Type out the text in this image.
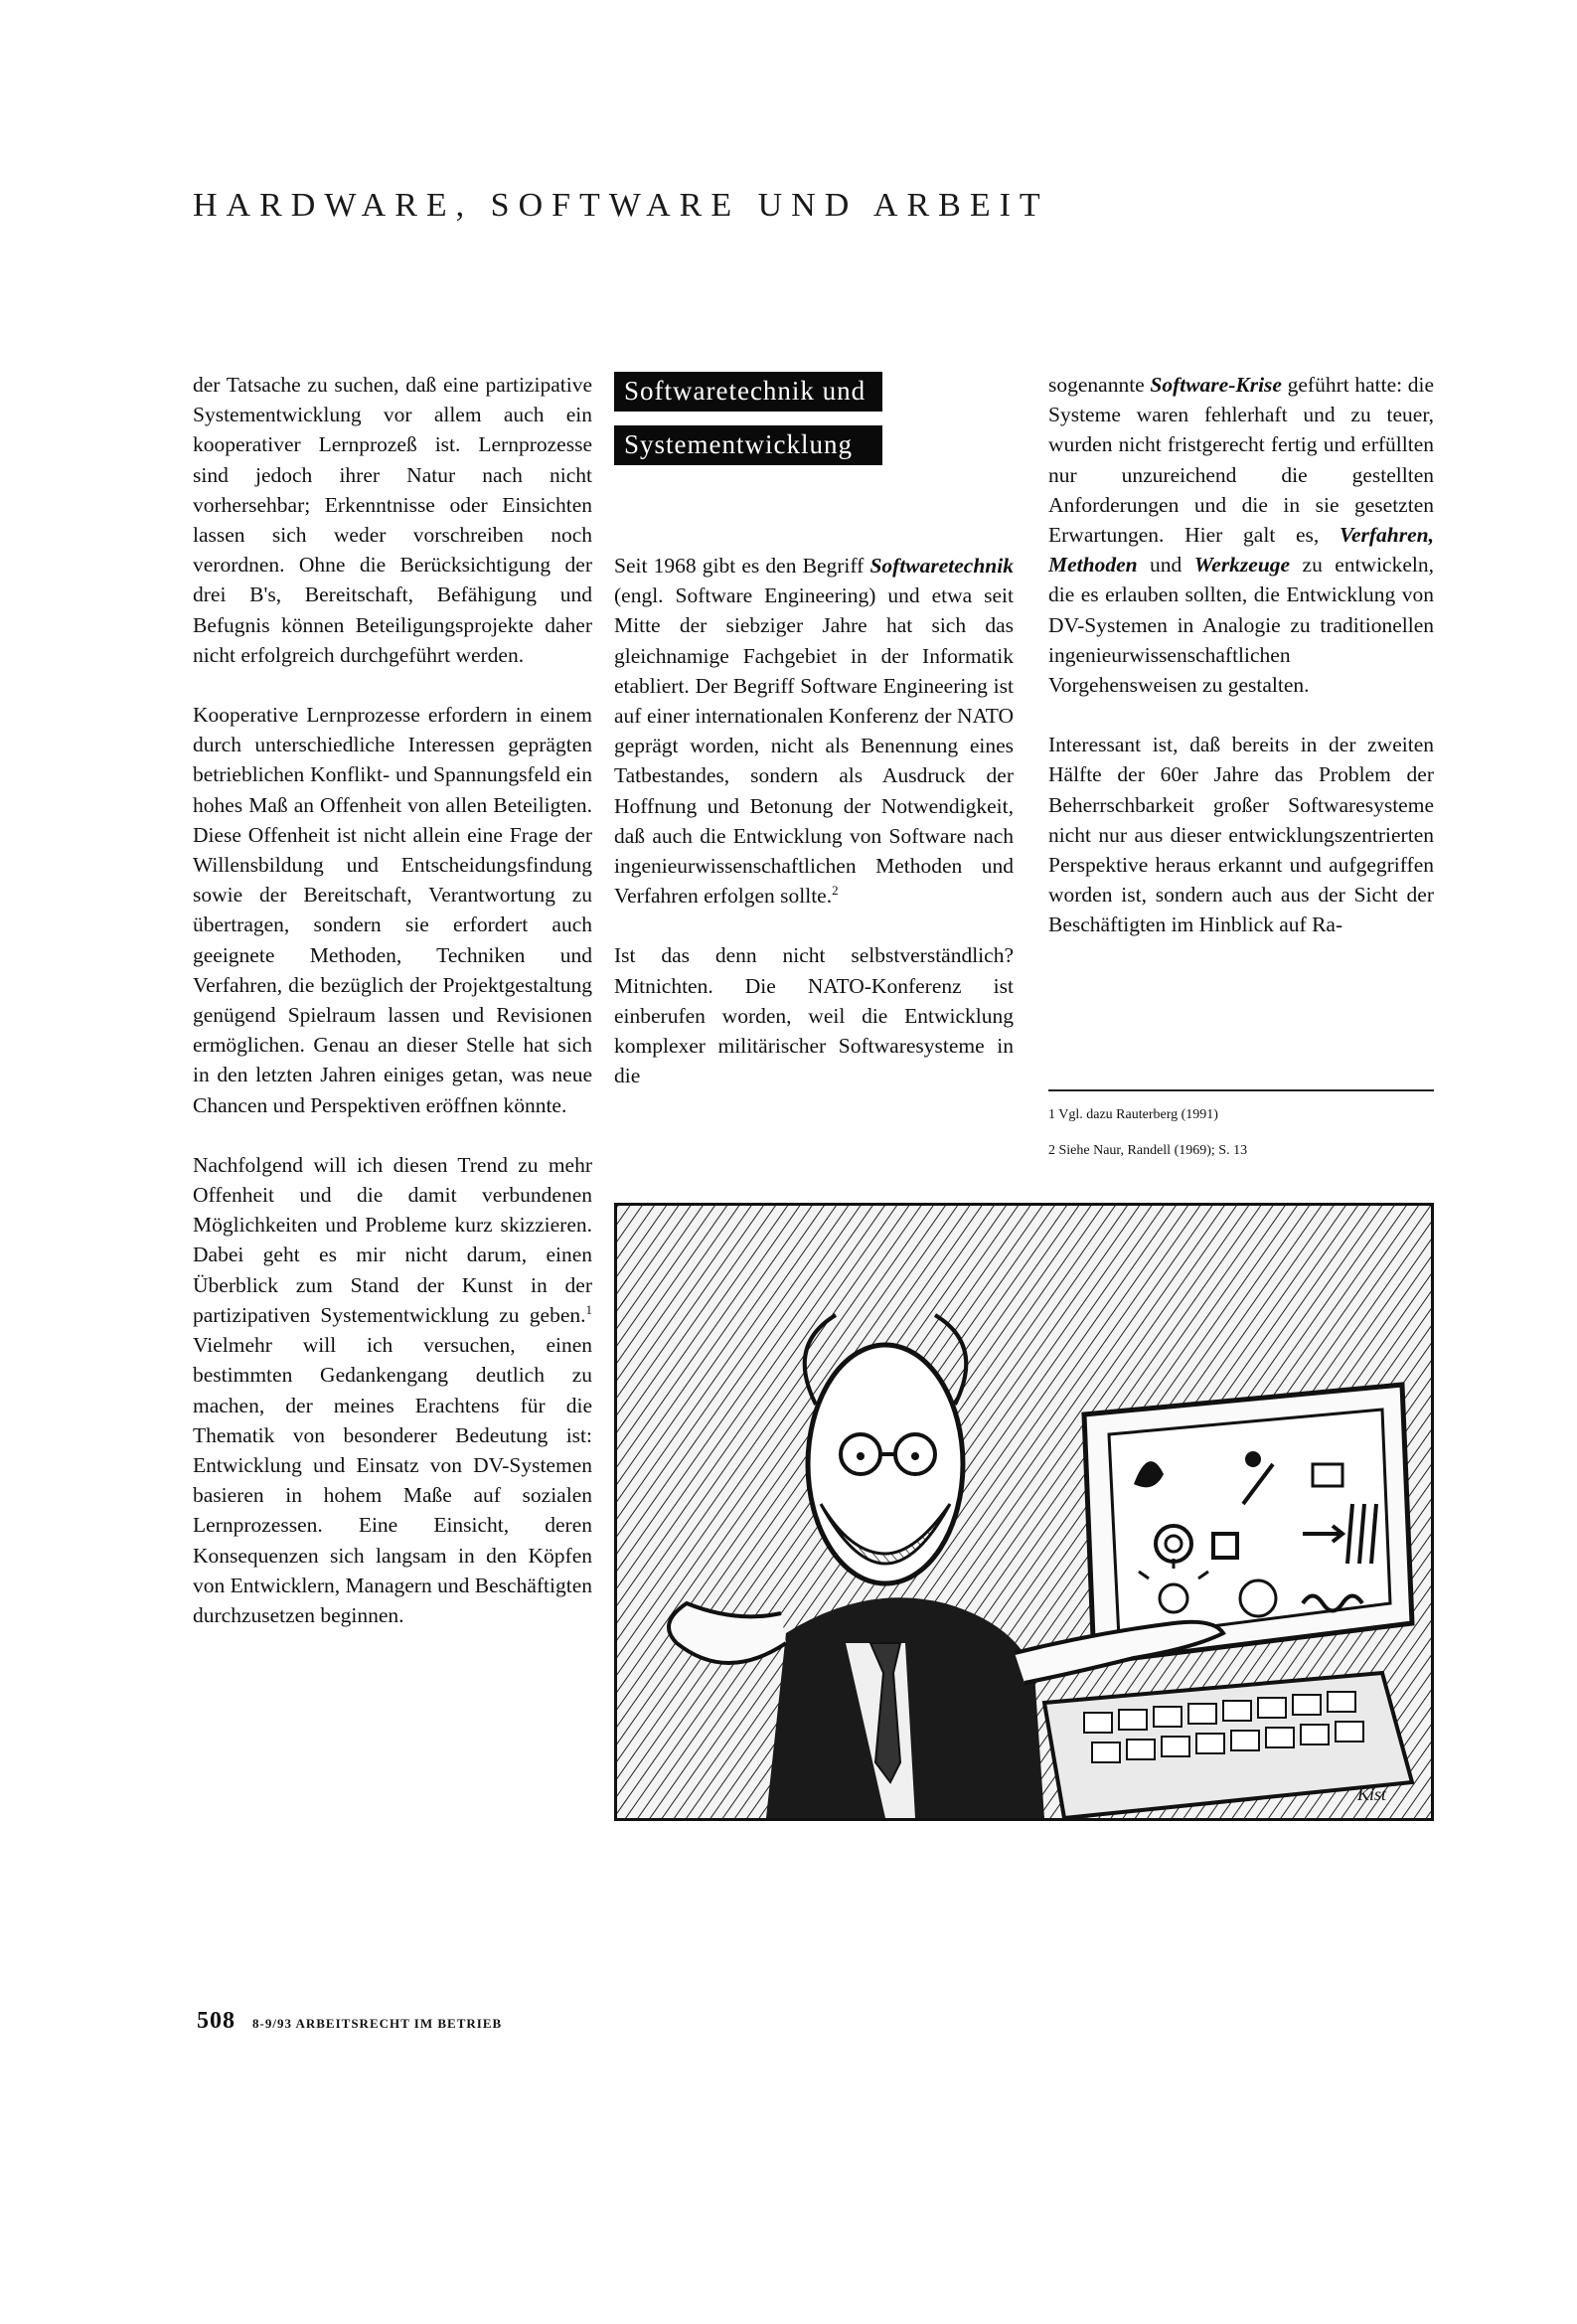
HARDWARE, SOFTWARE UND ARBEIT

der Tatsache zu suchen, daß eine partizipative Systementwicklung vor allem auch ein kooperativer Lernprozeß ist. Lernprozesse sind jedoch ihrer Natur nach nicht vorhersehbar; Erkenntnisse oder Einsichten lassen sich weder vorschreiben noch verordnen. Ohne die Berücksichtigung der drei B's, Bereitschaft, Befähigung und Befugnis können Beteiligungsprojekte daher nicht erfolgreich durchgeführt werden.

Kooperative Lernprozesse erfordern in einem durch unterschiedliche Interessen geprägten betrieblichen Konflikt- und Spannungsfeld ein hohes Maß an Offenheit von allen Beteiligten. Diese Offenheit ist nicht allein eine Frage der Willensbildung und Entscheidungsfindung sowie der Bereitschaft, Verantwortung zu übertragen, sondern sie erfordert auch geeignete Methoden, Techniken und Verfahren, die bezüglich der Projektgestaltung genügend Spielraum lassen und Revisionen ermöglichen. Genau an dieser Stelle hat sich in den letzten Jahren einiges getan, was neue Chancen und Perspektiven eröffnen könnte.

Nachfolgend will ich diesen Trend zu mehr Offenheit und die damit verbundenen Möglichkeiten und Probleme kurz skizzieren. Dabei geht es mir nicht darum, einen Überblick zum Stand der Kunst in der partizipativen Systementwicklung zu geben.$^1$ Vielmehr will ich versuchen, einen bestimmten Gedankengang deutlich zu machen, der meines Erachtens für die Thematik von besonderer Bedeutung ist: Entwicklung und Einsatz von DV-Systemen basieren in hohem Maße auf sozialen Lernprozessen. Eine Einsicht, deren Konsequenzen sich langsam in den Köpfen von Entwicklern, Managern und Beschäftigten durchzusetzen beginnen.

Softwaretechnik und
Systementwicklung

Seit 1968 gibt es den Begriff Softwaretechnik (engl. Software Engineering) und etwa seit Mitte der siebziger Jahre hat sich das gleichnamige Fachgebiet in der Informatik etabliert. Der Begriff Software Engineering ist auf einer internationalen Konferenz der NATO geprägt worden, nicht als Benennung eines Tatbestandes, sondern als Ausdruck der Hoffnung und Betonung der Notwendigkeit, daß auch die Entwicklung von Software nach ingenieurwissenschaftlichen Methoden und Verfahren erfolgen sollte.$^2$

Ist das denn nicht selbstverständlich? Mitnichten. Die NATO-Konferenz ist einberufen worden, weil die Entwicklung komplexer militärischer Softwaresysteme in die

sogenannte Software-Krise geführt hatte: die Systeme waren fehlerhaft und zu teuer, wurden nicht fristgerecht fertig und erfüllten nur unzureichend die gestellten Anforderungen und die in sie gesetzten Erwartungen. Hier galt es, Verfahren, Methoden und Werkzeuge zu entwickeln, die es erlauben sollten, die Entwicklung von DV-Systemen in Analogie zu traditionellen ingenieurwissenschaftlichen Vorgehensweisen zu gestalten.

Interessant ist, daß bereits in der zweiten Hälfte der 60er Jahre das Problem der Beherrschbarkeit großer Softwaresysteme nicht nur aus dieser entwicklungszentrierten Perspektive heraus erkannt und aufgegriffen worden ist, sondern auch aus der Sicht der Beschäftigten im Hinblick auf Ra-

1 Vgl. dazu Rauterberg (1991)
2 Siehe Naur, Randell (1969); S. 13
Kist
508 8-9/93 ARBEITSRECHT IM BETRIEB
